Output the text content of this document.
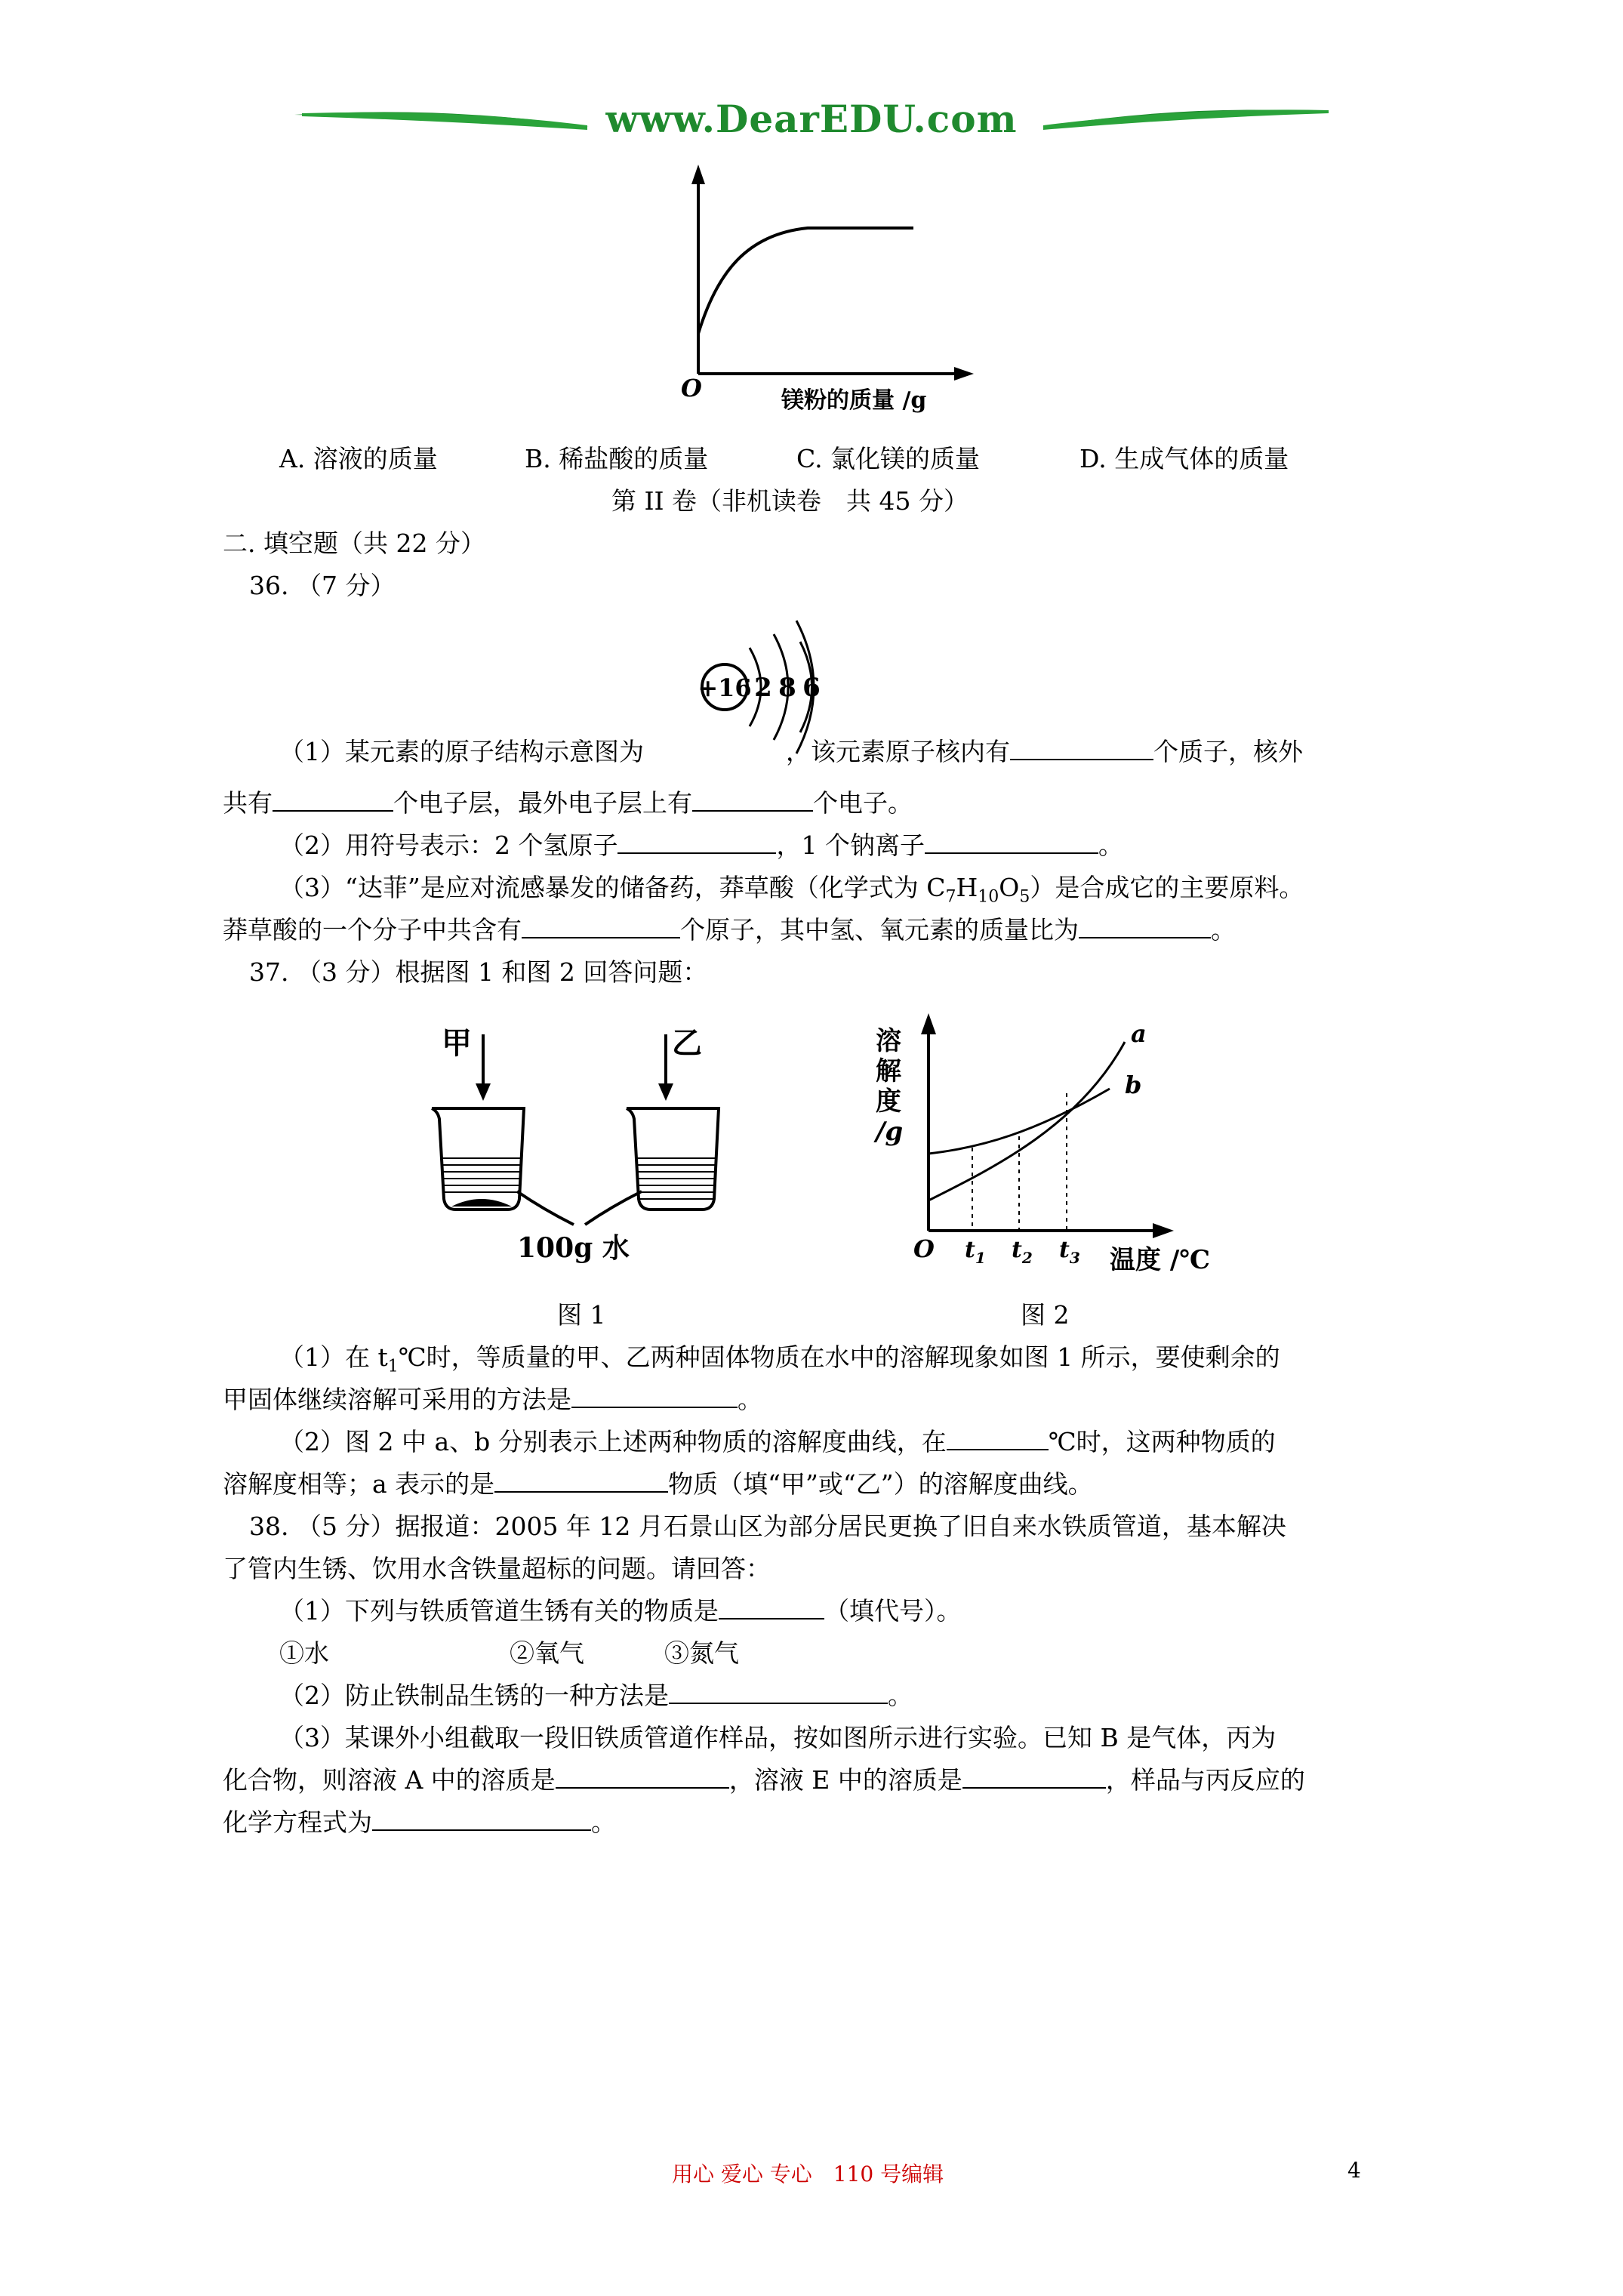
www.DearEDU.com
O	镁粉的质量 /g
A. 溶液的质量	B. 稀盐酸的质量	C. 氯化镁的质量	D. 生成气体的质量
第 II 卷（非机读卷　共 45 分）
二. 填空题（共 22 分）
36. （7 分）
+16 2 8 6
（1）某元素的原子结构示意图为	，该元素原子核内有	个质子，核外
共有	个电子层，最外电子层上有	个电子。
（2）用符号表示：2 个氢原子	，1 个钠离子	。
（3）“达菲”是应对流感暴发的储备药，莽草酸（化学式为 $C_7H_{10}O_5$）是合成它的主要原料。
莽草酸的一个分子中共含有	个原子，其中氢、氧元素的质量比为	。
37. （3 分）根据图 1 和图 2 回答问题：
甲	乙
100g 水
溶
解
度
/g
a
b
O $t_1$ $t_2$ $t_3$ 温度 /℃
图 1	图 2
（1）在 $t_1℃$时，等质量的甲、乙两种固体物质在水中的溶解现象如图 1 所示，要使剩余的
甲固体继续溶解可采用的方法是	。
（2）图 2 中 a、b 分别表示上述两种物质的溶解度曲线，在	℃时，这两种物质的
溶解度相等；a 表示的是	物质（填“甲”或“乙”）的溶解度曲线。
38. （5 分）据报道：2005 年 12 月石景山区为部分居民更换了旧自来水铁质管道，基本解决
了管内生锈、饮用水含铁量超标的问题。请回答：
（1）下列与铁质管道生锈有关的物质是	（填代号）。
①水	②氧气	③氮气
（2）防止铁制品生锈的一种方法是	。
（3）某课外小组截取一段旧铁质管道作样品，按如图所示进行实验。已知 B 是气体，丙为
化合物，则溶液 A 中的溶质是	，溶液 E 中的溶质是	，样品与丙反应的
化学方程式为	。
用心 爱心 专心　110 号编辑	4
